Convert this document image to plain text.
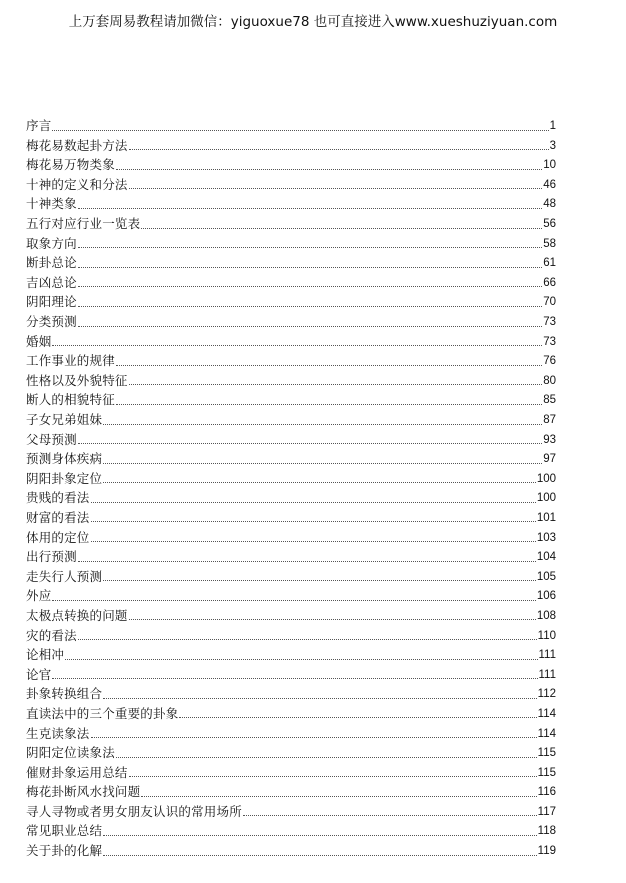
上万套周易教程请加微信：yiguoxue78 也可直接进入www.xueshuziyuan.com
序言	1
梅花易数起卦方法	3
梅花易万物类象	10
十神的定义和分法	46
十神类象	48
五行对应行业一览表	56
取象方向	58
断卦总论	61
吉凶总论	66
阴阳理论	70
分类预测	73
婚姻	73
工作事业的规律	76
性格以及外貌特征	80
断人的相貌特征	85
子女兄弟姐妹	87
父母预测	93
预测身体疾病	97
阴阳卦象定位	100
贵贱的看法	100
财富的看法	101
体用的定位	103
出行预测	104
走失行人预测	105
外应	106
太极点转换的问题	108
灾的看法	110
论相冲	111
论官	111
卦象转换组合	112
直读法中的三个重要的卦象	114
生克读象法	114
阴阳定位读象法	115
催财卦象运用总结	115
梅花卦断风水找问题	116
寻人寻物或者男女朋友认识的常用场所	117
常见职业总结	118
关于卦的化解	119
